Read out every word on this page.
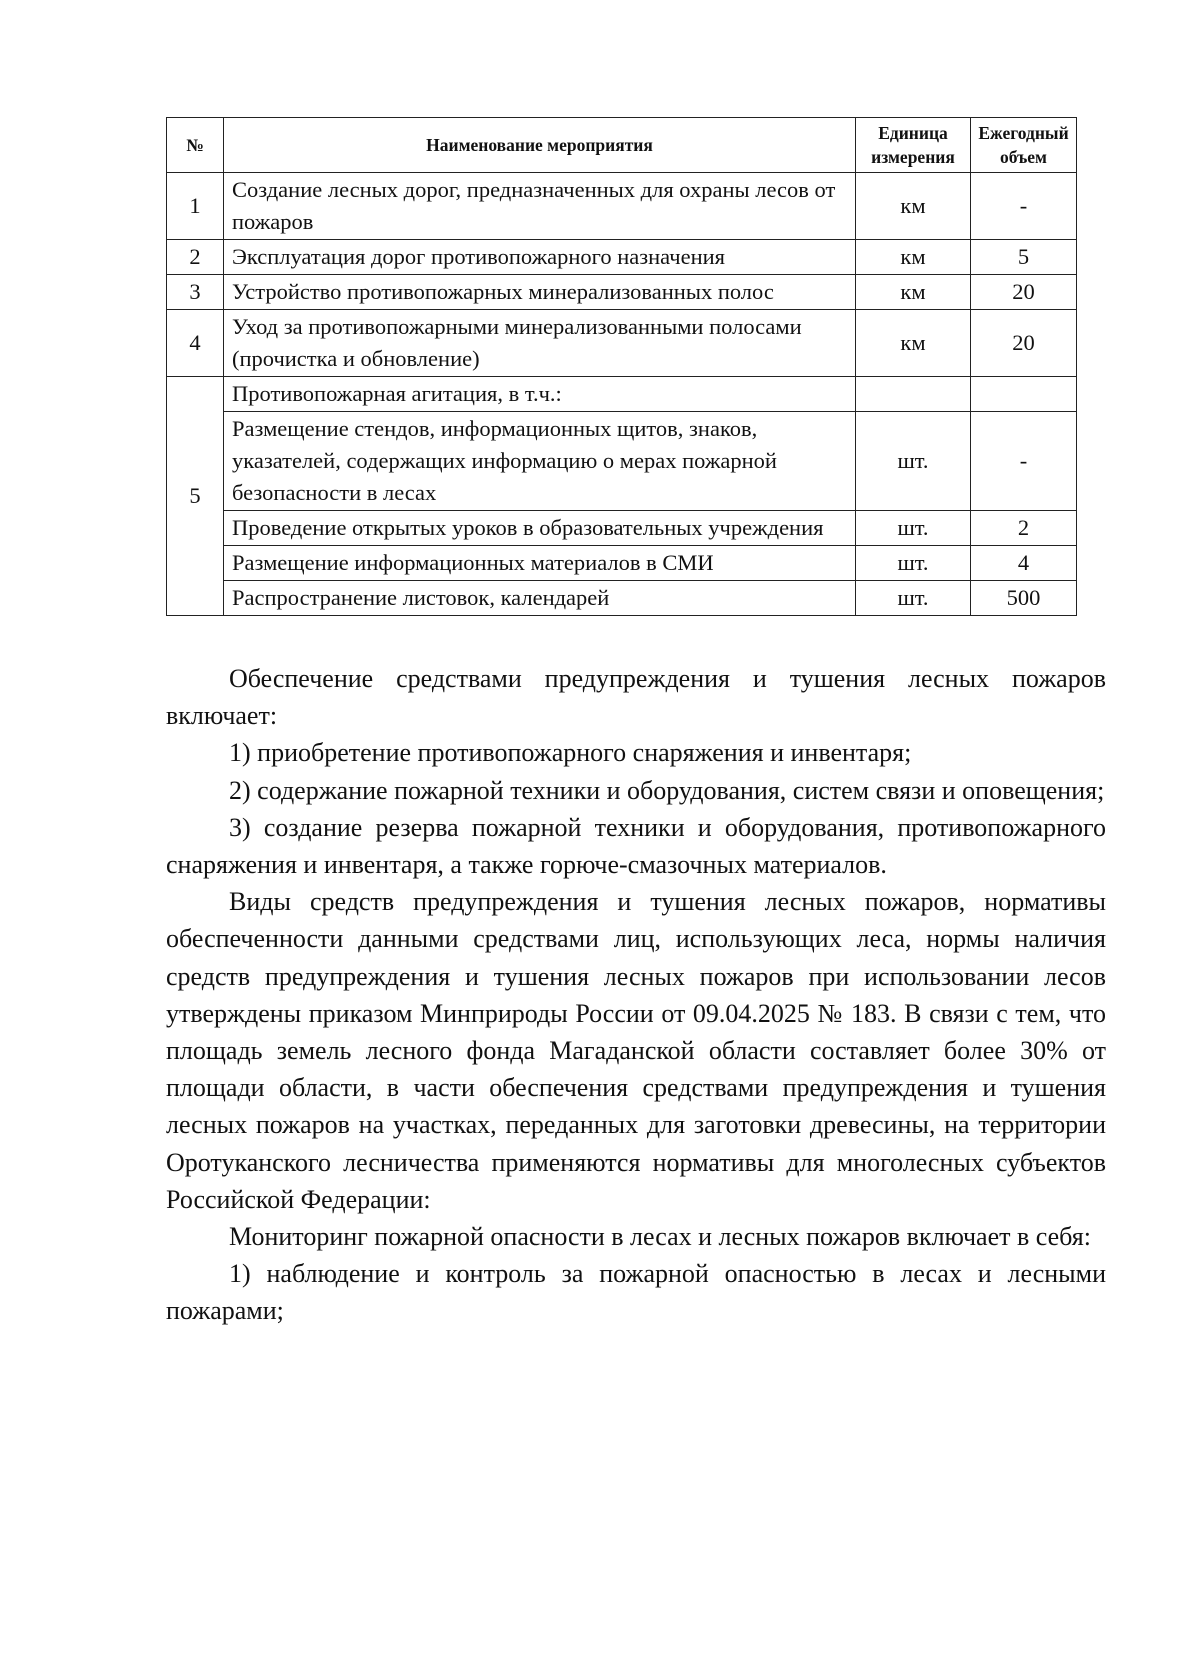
№	Наименование мероприятия	Единица измерения	Ежегодный объем
1	Создание лесных дорог, предназначенных для охраны лесов от пожаров	км	-
2	Эксплуатация дорог противопожарного назначения	км	5
3	Устройство противопожарных минерализованных полос	км	20
4	Уход за противопожарными минерализованными полосами (прочистка и обновление)	км	20
5	Противопожарная агитация, в т.ч.:		
	Размещение стендов, информационных щитов, знаков, указателей, содержащих информацию о мерах пожарной безопасности в лесах	шт.	-
	Проведение открытых уроков в образовательных учреждения	шт.	2
	Размещение информационных материалов в СМИ	шт.	4
	Распространение листовок, календарей	шт.	500

Обеспечение средствами предупреждения и тушения лесных пожаров включает:

1) приобретение противопожарного снаряжения и инвентаря;

2) содержание пожарной техники и оборудования, систем связи и оповещения;

3) создание резерва пожарной техники и оборудования, противопожарного снаряжения и инвентаря, а также горюче-смазочных материалов.

Виды средств предупреждения и тушения лесных пожаров, нормативы обеспеченности данными средствами лиц, использующих леса, нормы наличия средств предупреждения и тушения лесных пожаров при использовании лесов утверждены приказом Минприроды России от 09.04.2025 № 183. В связи с тем, что площадь земель лесного фонда Магаданской области составляет более 30% от площади области, в части обеспечения средствами предупреждения и тушения лесных пожаров на участках, переданных для заготовки древесины, на территории Оротуканского лесничества применяются нормативы для многолесных субъектов Российской Федерации:

Мониторинг пожарной опасности в лесах и лесных пожаров включает в себя:

1) наблюдение и контроль за пожарной опасностью в лесах и лесными пожарами;
